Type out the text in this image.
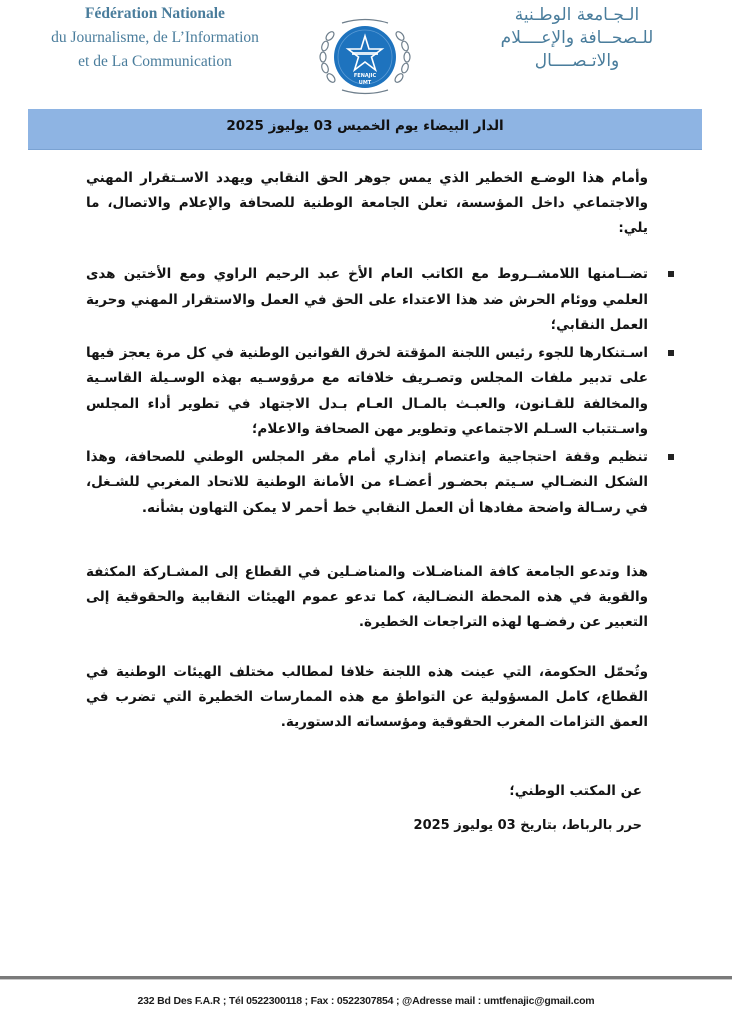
Fédération Nationale
du Journalisme, de L’Information
et de La Communication
FENAJIC
UMT
الـجـامعة الوطـنية
للـصحــافة والإعــــلام
والاتـصــــال
الدار البيضاء يوم الخميس 03 يوليوز 2025

وأمام هذا الوضـع الخطير الذي يمس جوهر الحق النقابي ويهدد الاسـتقرار المهني والاجتماعي داخل المؤسسة، تعلن الجامعة الوطنية للصحافة والإعلام والاتصال، ما يلي:

تضــامنها اللامشــروط مع الكاتب العام الأخ عبد الرحيم الراوي ومع الأختين هدى العلمي ووئام الحرش ضد هذا الاعتداء على الحق في العمل والاستقرار المهني وحرية العمل النقابي؛
اسـتنكارها للجوء رئيس اللجنة المؤقتة لخرق القوانين الوطنية في كل مرة يعجز فيها على تدبير ملفات المجلس وتصـريف خلافاته مع مرؤوسـيه بهذه الوسـيلة القاسـية والمخالفة للقـانون، والعبـث بالمـال العـام بـدل الاجتهاد في تطوير أداء المجلس واسـتتباب السـلم الاجتماعي وتطوير مهن الصحافة والاعلام؛
تنظيم وقفة احتجاجية واعتصام إنذاري أمام مقر المجلس الوطني للصحافة، وهذا الشكل النضـالي سـيتم بحضـور أعضـاء من الأمانة الوطنية للاتحاد المغربي للشـغل، في رسـالة واضحة مفادها أن العمل النقابي خط أحمر لا يمكن التهاون بشأنه.

هذا وتدعو الجامعة كافة المناضـلات والمناضـلين في القطاع إلى المشـاركة المكثفة والقوية في هذه المحطة النضـالية، كما تدعو عموم الهيئات النقابية والحقوقية إلى التعبير عن رفضـها لهذه التراجعات الخطيرة.

وتُحمّل الحكومة، التي عينت هذه اللجنة خلافا لمطالب مختلف الهيئات الوطنية في القطاع، كامل المسؤولية عن التواطؤ مع هذه الممارسات الخطيرة التي تضرب في العمق التزامات المغرب الحقوقية ومؤسساته الدستورية.

عن المكتب الوطني؛
حرر بالرباط، بتاريخ 03 يوليوز 2025
232 Bd Des F.A.R ; Tél 0522300118 ; Fax : 0522307854 ; @Adresse mail : umtfenajic@gmail.com
